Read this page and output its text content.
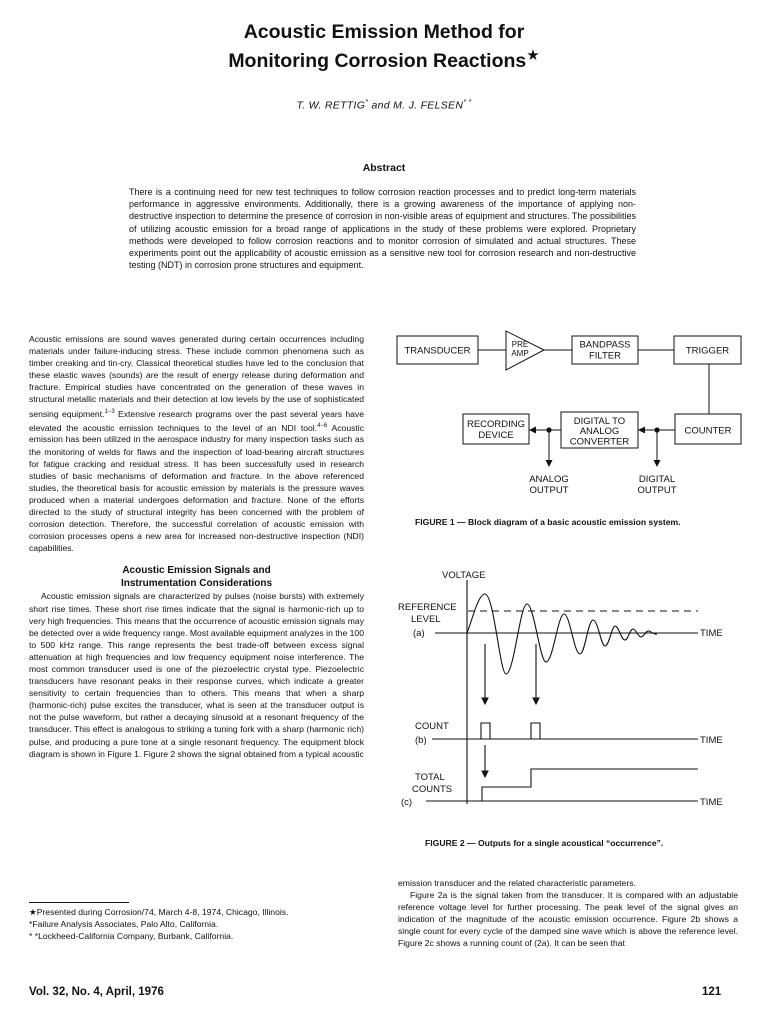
Acoustic Emission Method for
Monitoring Corrosion Reactions★
T. W. RETTIG* and M. J. FELSEN* *
Abstract

There is a continuing need for new test techniques to follow corrosion reaction processes and to predict long-term materials performance in aggressive environments. Additionally, there is a growing awareness of the importance of applying non-destructive inspection to determine the presence of corrosion in non-visible areas of equipment and structures. The possibilities of utilizing acoustic emission for a broad range of applications in the study of these problems were explored. Proprietary methods were developed to follow corrosion reactions and to monitor corrosion of simulated and actual structures. These experiments point out the applicability of acoustic emission as a sensitive new tool for corrosion research and non-destructive testing (NDT) in corrosion prone structures and equipment.

Acoustic emissions are sound waves generated during certain occurrences including materials under failure-inducing stress. These include common phenomena such as timber creaking and tin-cry. Classical theoretical studies have led to the conclusion that these elastic waves (sounds) are the result of energy release during deformation and fracture. Empirical studies have concentrated on the generation of these waves in structural metallic materials and their detection at low levels by the use of sophisticated sensing equipment.$^{1-3}$ Extensive research programs over the past several years have elevated the acoustic emission techniques to the level of an NDI tool.$^{4-6}$ Acoustic emission has been utilized in the aerospace industry for many inspection tasks such as the monitoring of welds for flaws and the inspection of load-bearing aircraft structures for fatigue cracking and residual stress. It has been successfully used in research studies of basic mechanisms of deformation and fracture. In the above referenced studies, the theoretical basis for acoustic emission by materials is the pressure waves produced when a material undergoes deformation and fracture. None of the efforts directed to the study of structural integrity has been concerned with the problem of corrosion detection. Therefore, the successful correlation of acoustic emission with corrosion processes opens a new area for increased non-destructive inspection (NDI) capabilities.

Acoustic Emission Signals and
Instrumentation Considerations

Acoustic emission signals are characterized by pulses (noise bursts) with extremely short rise times. These short rise times indicate that the signal is harmonic-rich up to very high frequencies. This means that the occurrence of acoustic emission signals may be detected over a wide frequency range. Most available equipment analyzes in the 100 to 500 kHz range. This range represents the best trade-off between excess signal attenuation at high frequencies and low frequency equipment noise interference. The most common transducer used is one of the piezoelectric crystal type. Piezoelectric transducers have resonant peaks in their response curves, which indicate a greater sensitivity to certain frequencies than to others. This means that when a sharp (harmonic-rich) pulse excites the transducer, what is seen at the transducer output is not the pulse waveform, but rather a decaying sinusoid at a resonant frequency of the transducer. This effect is analogous to striking a tuning fork with a sharp (harmonic rich) pulse, and producing a pure tone at a single resonant frequency. The equipment block diagram is shown in Figure 1. Figure 2 shows the signal obtained from a typical acoustic

★Presented during Corrosion/74, March 4-8, 1974, Chicago, Illinois.

*Failure Analysis Associates, Palo Alto, California.

* *Lockheed-California Company, Burbank, California.

TRANSDUCER
PRE
AMP
BANDPASS
FILTER	TRIGGER
RECORDING
DEVICE
DIGITAL TO
ANALOG
CONVERTER
COUNTER
ANALOG
OUTPUT
DIGITAL
OUTPUT

FIGURE 1 — Block diagram of a basic acoustic emission system.

VOLTAGE
REFERENCE
LEVEL
(a)	TIME
COUNT
(b)	TIME
TOTAL
COUNTS
(c)	TIME

FIGURE 2 — Outputs for a single acoustical “occurrence”.

emission transducer and the related characteristic parameters.

Figure 2a is the signal taken from the transducer. It is compared with an adjustable reference voltage level for further processing. The peak level of the signal gives an indication of the magnitude of the acoustic emission occurrence. Figure 2b shows a single count for every cycle of the damped sine wave which is above the reference level. Figure 2c shows a running count of (2a). It can be seen that

Vol. 32, No. 4, April, 1976	121
